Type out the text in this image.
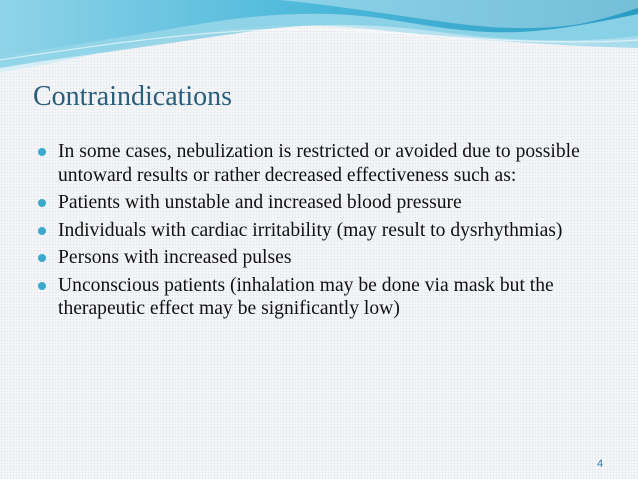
Contraindications
In some cases, nebulization is restricted or avoided due to possible untoward results or rather decreased effectiveness such as:
Patients with unstable and increased blood pressure
Individuals with cardiac irritability (may result to dysrhythmias)
Persons with increased pulses
Unconscious patients (inhalation may be done via mask but the therapeutic effect may be significantly low)
4
